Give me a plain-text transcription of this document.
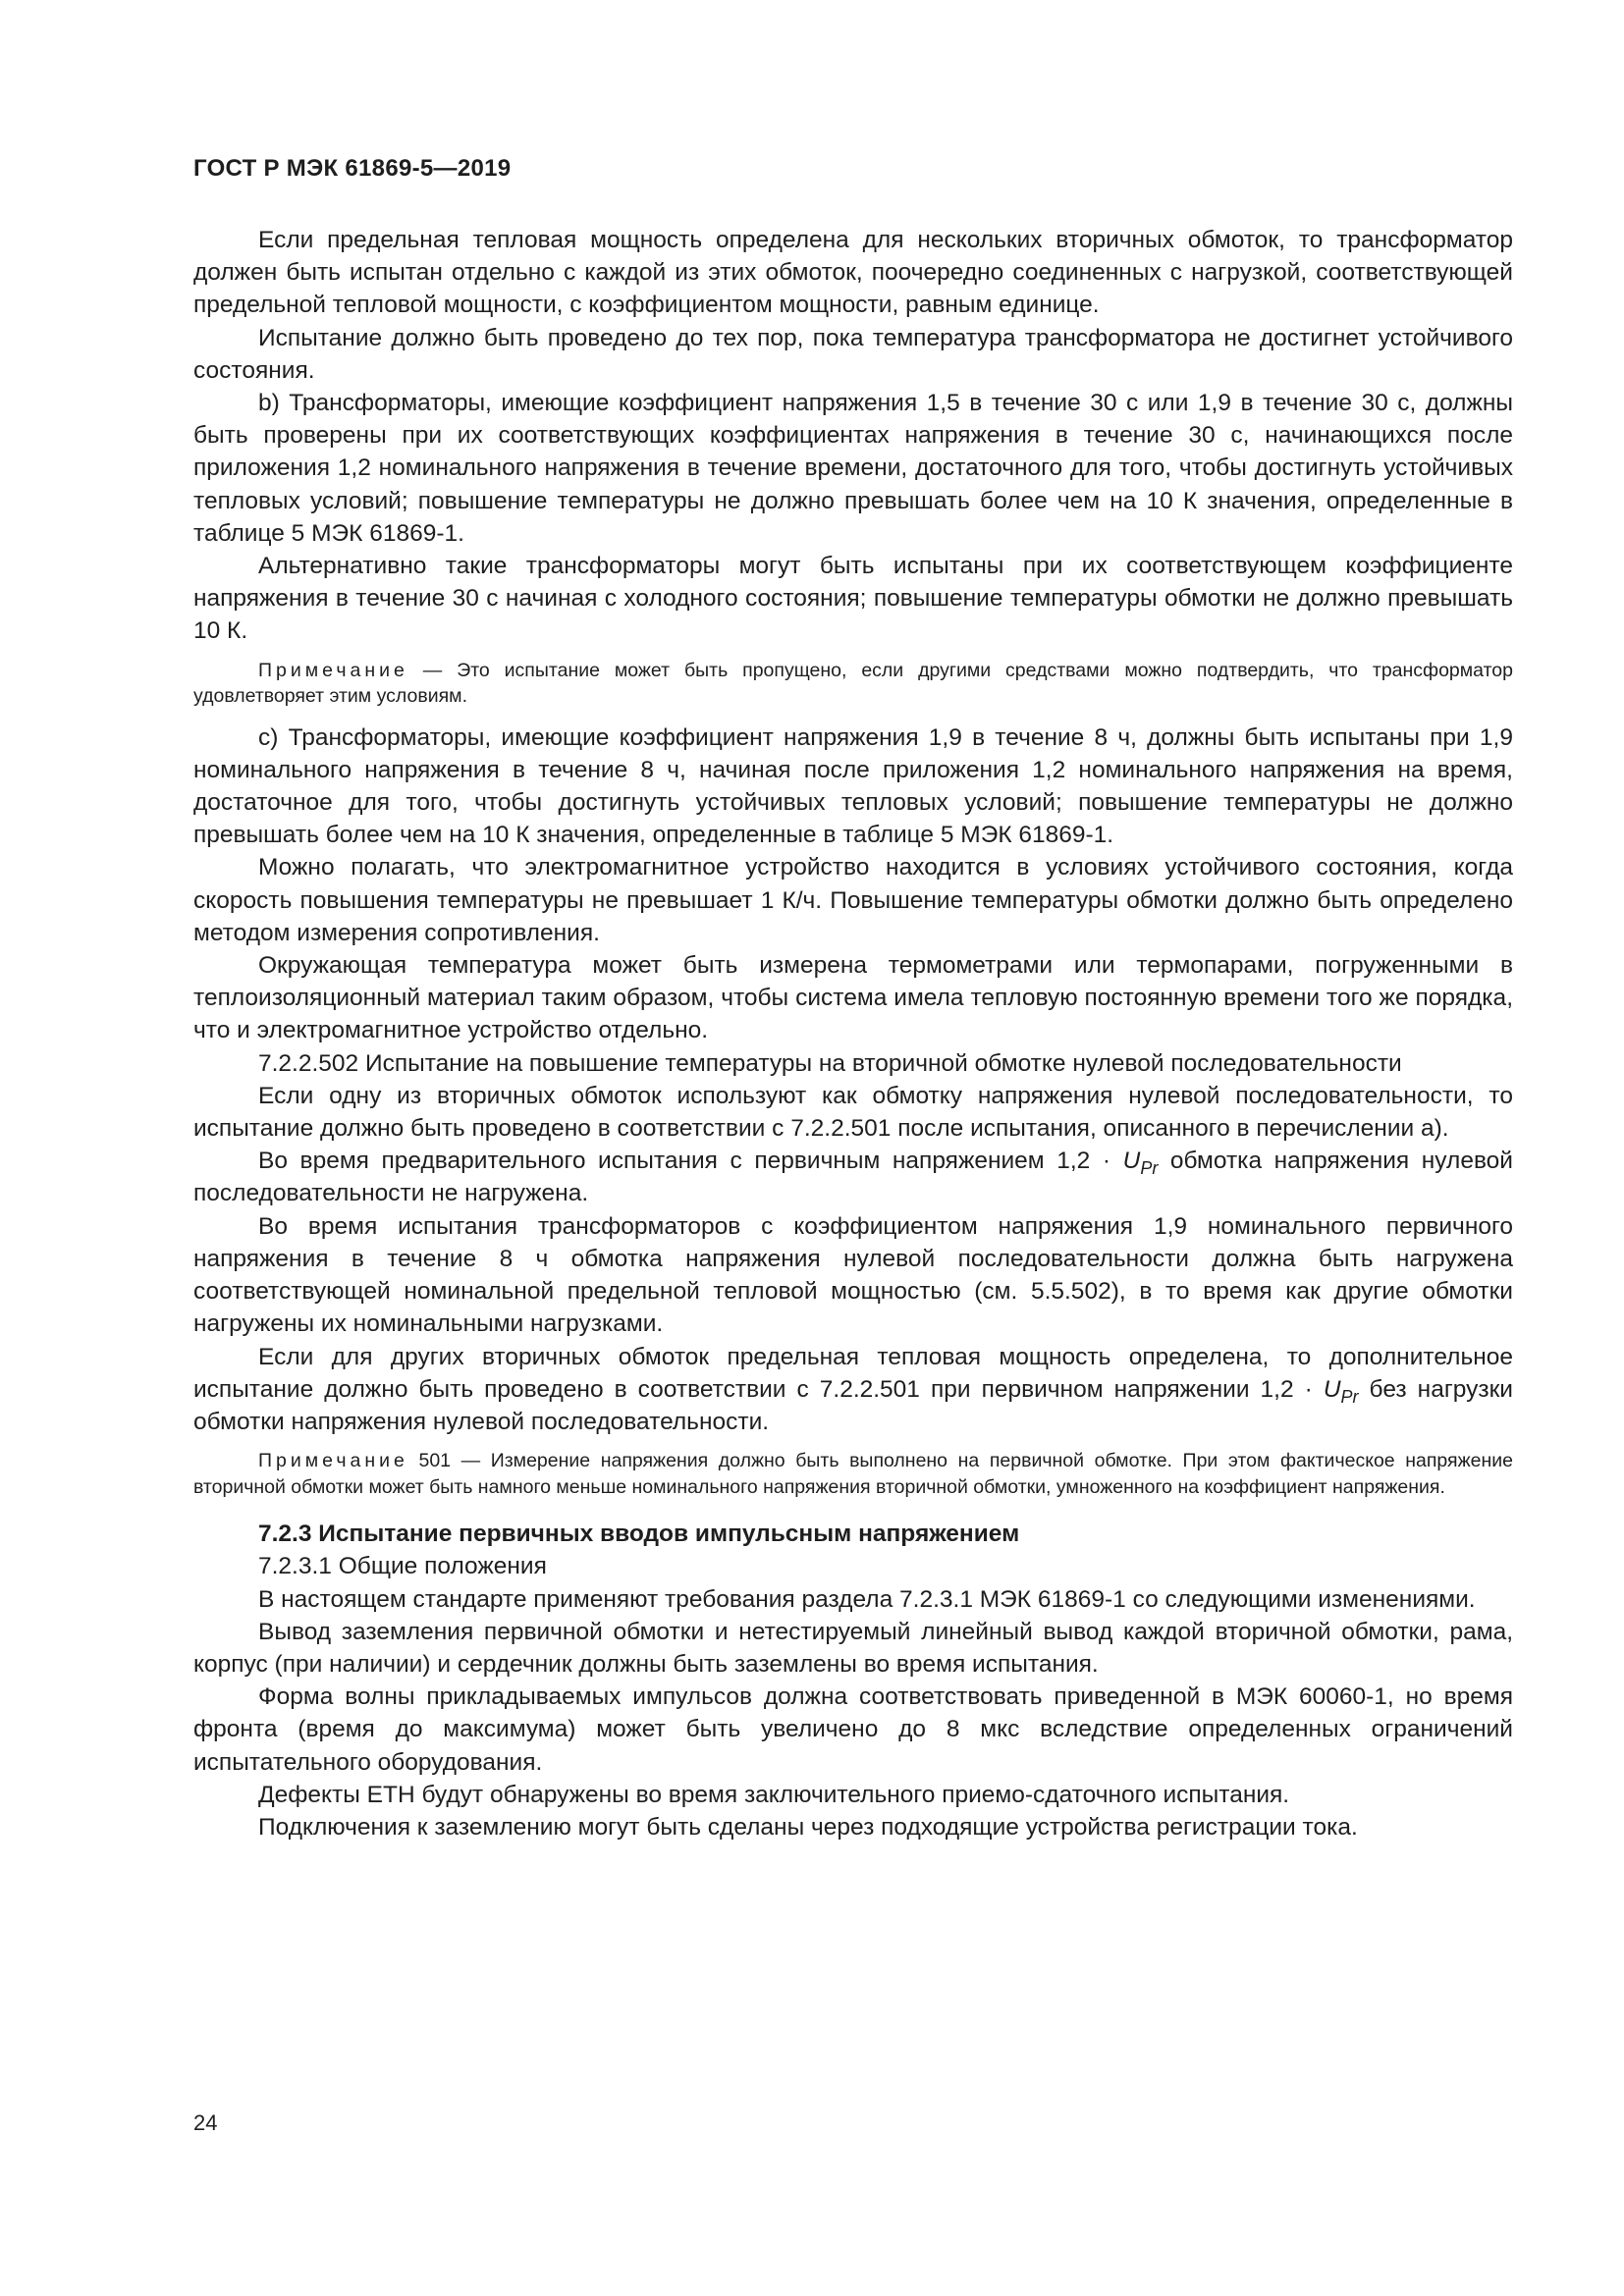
ГОСТ Р МЭК 61869-5—2019

Если предельная тепловая мощность определена для нескольких вторичных обмоток, то трансформатор должен быть испытан отдельно с каждой из этих обмоток, поочередно соединенных с нагрузкой, соответствующей предельной тепловой мощности, с коэффициентом мощности, равным единице.

Испытание должно быть проведено до тех пор, пока температура трансформатора не достигнет устойчивого состояния.

b) Трансформаторы, имеющие коэффициент напряжения 1,5 в течение 30 с или 1,9 в течение 30 с, должны быть проверены при их соответствующих коэффициентах напряжения в течение 30 с, начинающихся после приложения 1,2 номинального напряжения в течение времени, достаточного для того, чтобы достигнуть устойчивых тепловых условий; повышение температуры не должно превышать более чем на 10 К значения, определенные в таблице 5 МЭК 61869-1.

Альтернативно такие трансформаторы могут быть испытаны при их соответствующем коэффициенте напряжения в течение 30 с начиная с холодного состояния; повышение температуры обмотки не должно превышать 10 К.

Примечание — Это испытание может быть пропущено, если другими средствами можно подтвердить, что трансформатор удовлетворяет этим условиям.

с) Трансформаторы, имеющие коэффициент напряжения 1,9 в течение 8 ч, должны быть испытаны при 1,9 номинального напряжения в течение 8 ч, начиная после приложения 1,2 номинального напряжения на время, достаточное для того, чтобы достигнуть устойчивых тепловых условий; повышение температуры не должно превышать более чем на 10 К значения, определенные в таблице 5 МЭК 61869-1.

Можно полагать, что электромагнитное устройство находится в условиях устойчивого состояния, когда скорость повышения температуры не превышает 1 К/ч. Повышение температуры обмотки должно быть определено методом измерения сопротивления.

Окружающая температура может быть измерена термометрами или термопарами, погруженными в теплоизоляционный материал таким образом, чтобы система имела тепловую постоянную времени того же порядка, что и электромагнитное устройство отдельно.

7.2.2.502 Испытание на повышение температуры на вторичной обмотке нулевой последовательности

Если одну из вторичных обмоток используют как обмотку напряжения нулевой последовательности, то испытание должно быть проведено в соответствии с 7.2.2.501 после испытания, описанного в перечислении а).

Во время предварительного испытания с первичным напряжением $1,2 \cdot U_{Pr}$ обмотка напряжения нулевой последовательности не нагружена.

Во время испытания трансформаторов с коэффициентом напряжения 1,9 номинального первичного напряжения в течение 8 ч обмотка напряжения нулевой последовательности должна быть нагружена соответствующей номинальной предельной тепловой мощностью (см. 5.5.502), в то время как другие обмотки нагружены их номинальными нагрузками.

Если для других вторичных обмоток предельная тепловая мощность определена, то дополнительное испытание должно быть проведено в соответствии с 7.2.2.501 при первичном напряжении $1,2 \cdot U_{Pr}$ без нагрузки обмотки напряжения нулевой последовательности.

Примечание 501 — Измерение напряжения должно быть выполнено на первичной обмотке. При этом фактическое напряжение вторичной обмотки может быть намного меньше номинального напряжения вторичной обмотки, умноженного на коэффициент напряжения.

7.2.3 Испытание первичных вводов импульсным напряжением

7.2.3.1 Общие положения

В настоящем стандарте применяют требования раздела 7.2.3.1 МЭК 61869-1 со следующими изменениями.

Вывод заземления первичной обмотки и нетестируемый линейный вывод каждой вторичной обмотки, рама, корпус (при наличии) и сердечник должны быть заземлены во время испытания.

Форма волны прикладываемых импульсов должна соответствовать приведенной в МЭК 60060-1, но время фронта (время до максимума) может быть увеличено до 8 мкс вследствие определенных ограничений испытательного оборудования.

Дефекты ЕТН будут обнаружены во время заключительного приемо-сдаточного испытания.

Подключения к заземлению могут быть сделаны через подходящие устройства регистрации тока.

24
